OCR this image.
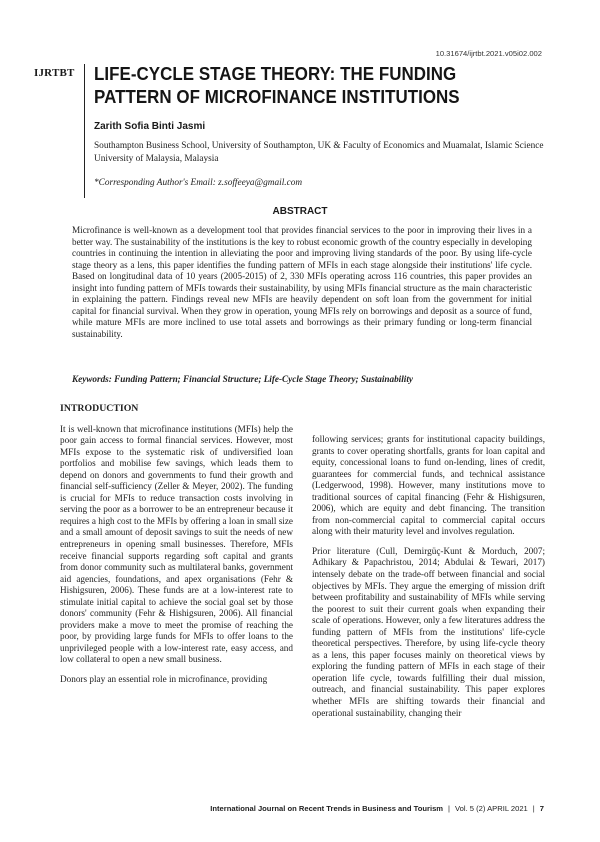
10.31674/ijrtbt.2021.v05i02.002
IJRTBT LIFE-CYCLE STAGE THEORY: THE FUNDING PATTERN OF MICROFINANCE INSTITUTIONS
Zarith Sofia Binti Jasmi
Southampton Business School, University of Southampton, UK & Faculty of Economics and Muamalat, Islamic Science University of Malaysia, Malaysia
*Corresponding Author's Email: z.soffeeya@gmail.com
ABSTRACT
Microfinance is well-known as a development tool that provides financial services to the poor in improving their lives in a better way. The sustainability of the institutions is the key to robust economic growth of the country especially in developing countries in continuing the intention in alleviating the poor and improving living standards of the poor. By using life-cycle stage theory as a lens, this paper identifies the funding pattern of MFIs in each stage alongside their institutions' life cycle. Based on longitudinal data of 10 years (2005-2015) of 2, 330 MFIs operating across 116 countries, this paper provides an insight into funding pattern of MFIs towards their sustainability, by using MFIs financial structure as the main characteristic in explaining the pattern. Findings reveal new MFIs are heavily dependent on soft loan from the government for initial capital for financial survival. When they grow in operation, young MFIs rely on borrowings and deposit as a source of fund, while mature MFIs are more inclined to use total assets and borrowings as their primary funding or long-term financial sustainability.
Keywords: Funding Pattern; Financial Structure; Life-Cycle Stage Theory; Sustainability
INTRODUCTION

It is well-known that microfinance institutions (MFIs) help the poor gain access to formal financial services. However, most MFIs expose to the systematic risk of undiversified loan portfolios and mobilise few savings, which leads them to depend on donors and governments to fund their growth and financial self-sufficiency (Zeller & Meyer, 2002). The funding is crucial for MFIs to reduce transaction costs involving in serving the poor as a borrower to be an entrepreneur because it requires a high cost to the MFIs by offering a loan in small size and a small amount of deposit savings to suit the needs of new entrepreneurs in opening small businesses. Therefore, MFIs receive financial supports regarding soft capital and grants from donor community such as multilateral banks, government aid agencies, foundations, and apex organisations (Fehr & Hishigsuren, 2006). These funds are at a low-interest rate to stimulate initial capital to achieve the social goal set by those donors' community (Fehr & Hishigsuren, 2006). All financial providers make a move to meet the promise of reaching the poor, by providing large funds for MFIs to offer loans to the unprivileged people with a low-interest rate, easy access, and low collateral to open a new small business.

Donors play an essential role in microfinance, providing

following services; grants for institutional capacity buildings, grants to cover operating shortfalls, grants for loan capital and equity, concessional loans to fund on-lending, lines of credit, guarantees for commercial funds, and technical assistance (Ledgerwood, 1998). However, many institutions move to traditional sources of capital financing (Fehr & Hishigsuren, 2006), which are equity and debt financing. The transition from non-commercial capital to commercial capital occurs along with their maturity level and involves regulation.

Prior literature (Cull, Demirgüç-Kunt & Morduch, 2007; Adhikary & Papachristou, 2014; Abdulai & Tewari, 2017) intensely debate on the trade-off between financial and social objectives by MFIs. They argue the emerging of mission drift between profitability and sustainability of MFIs while serving the poorest to suit their current goals when expanding their scale of operations. However, only a few literatures address the funding pattern of MFIs from the institutions' life-cycle theoretical perspectives. Therefore, by using life-cycle theory as a lens, this paper focuses mainly on theoretical views by exploring the funding pattern of MFIs in each stage of their operation life cycle, towards fulfilling their dual mission, outreach, and financial sustainability. This paper explores whether MFIs are shifting towards their financial and operational sustainability, changing their

International Journal on Recent Trends in Business and Tourism | Vol. 5 (2) APRIL 2021 | 7
